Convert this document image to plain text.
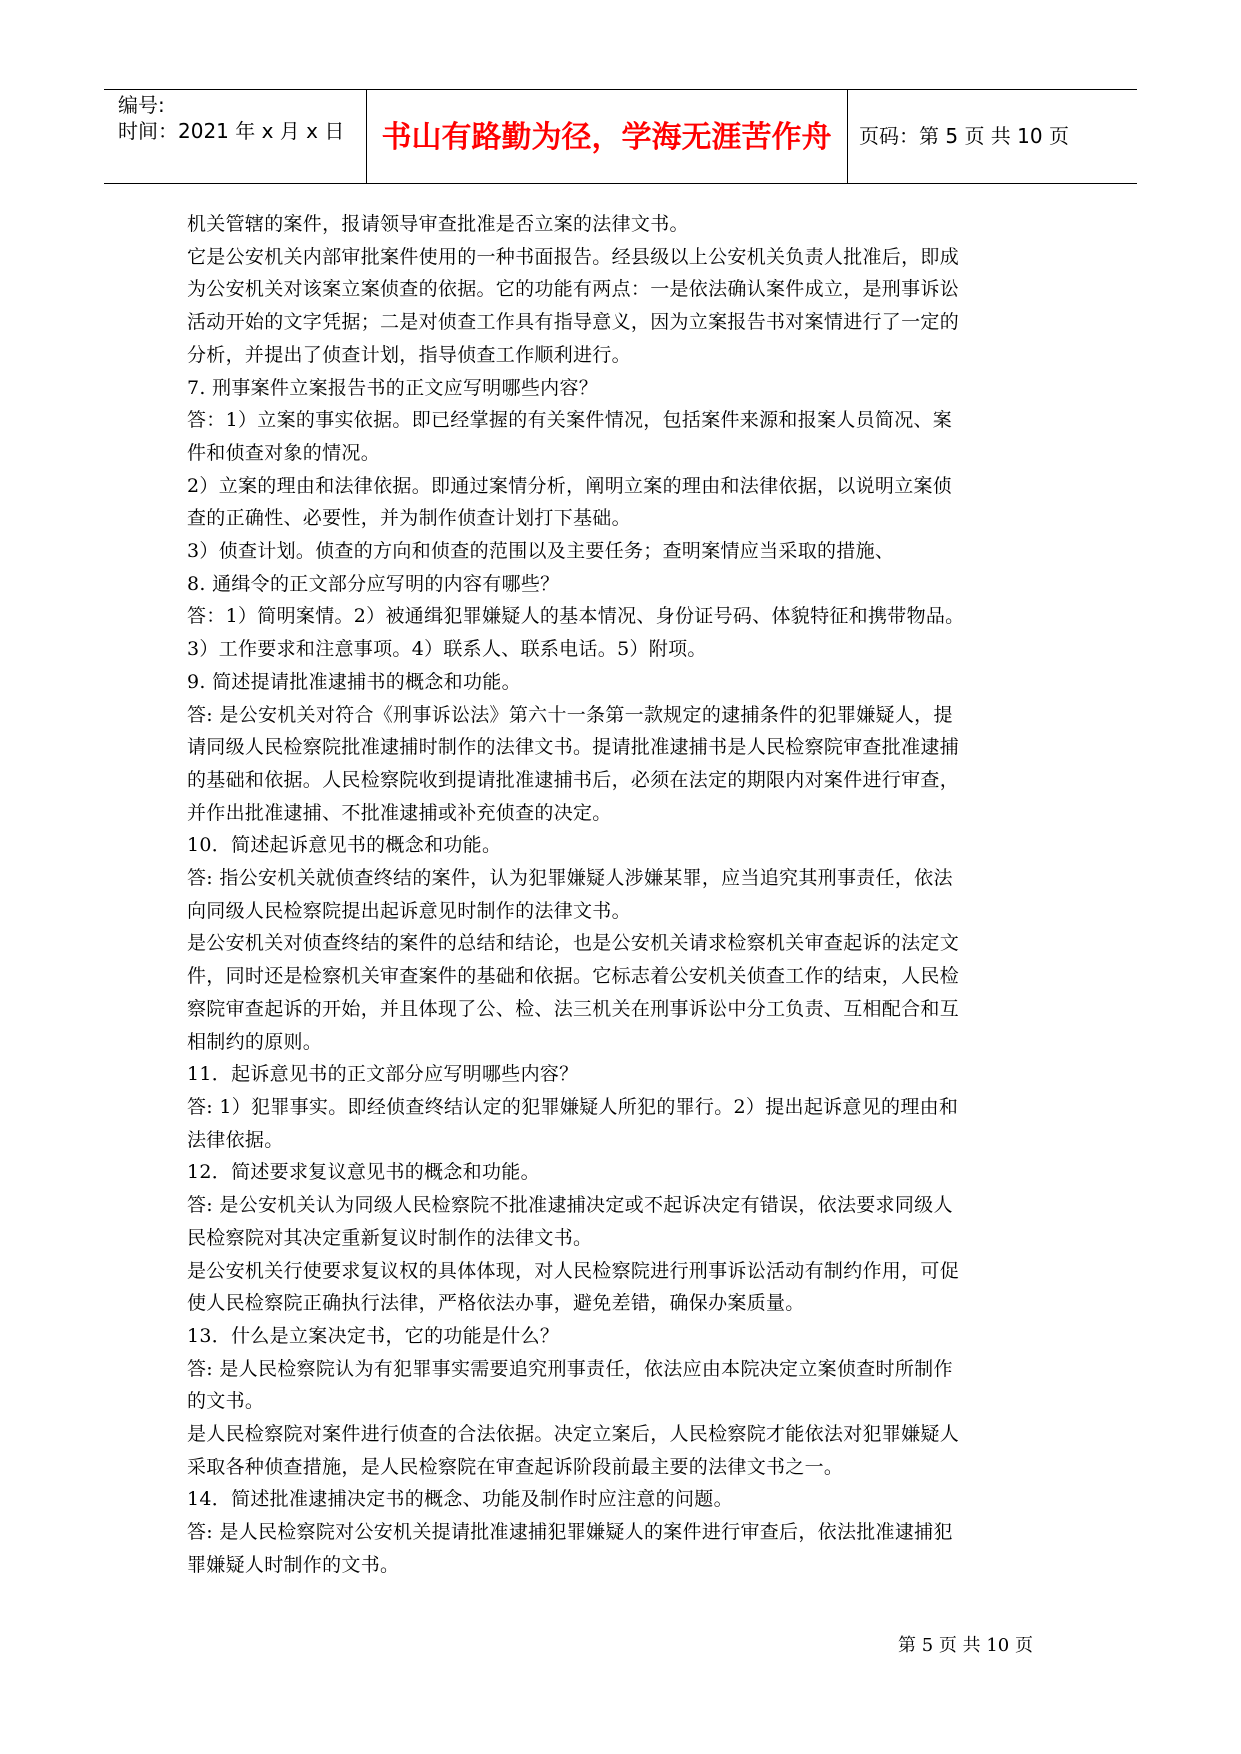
编号:
时间：2021 年 x 月 x 日	书山有路勤为径，学海无涯苦作舟	页码：第 5 页 共 10 页

机关管辖的案件，报请领导审查批准是否立案的法律文书。

它是公安机关内部审批案件使用的一种书面报告。经县级以上公安机关负责人批准后，即成

为公安机关对该案立案侦查的依据。它的功能有两点：一是依法确认案件成立，是刑事诉讼

活动开始的文字凭据；二是对侦查工作具有指导意义，因为立案报告书对案情进行了一定的

分析，并提出了侦查计划，指导侦查工作顺利进行。

7. 刑事案件立案报告书的正文应写明哪些内容？

答：1）立案的事实依据。即已经掌握的有关案件情况，包括案件来源和报案人员简况、案

件和侦查对象的情况。

2）立案的理由和法律依据。即通过案情分析，阐明立案的理由和法律依据，以说明立案侦

查的正确性、必要性，并为制作侦查计划打下基础。

3）侦查计划。侦查的方向和侦查的范围以及主要任务；查明案情应当采取的措施、

8. 通缉令的正文部分应写明的内容有哪些？

答：1）简明案情。2）被通缉犯罪嫌疑人的基本情况、身份证号码、体貌特征和携带物品。

3）工作要求和注意事项。4）联系人、联系电话。5）附项。

9. 简述提请批准逮捕书的概念和功能。

答: 是公安机关对符合《刑事诉讼法》第六十一条第一款规定的逮捕条件的犯罪嫌疑人，提

请同级人民检察院批准逮捕时制作的法律文书。提请批准逮捕书是人民检察院审查批准逮捕

的基础和依据。人民检察院收到提请批准逮捕书后，必须在法定的期限内对案件进行审查，

并作出批准逮捕、不批准逮捕或补充侦查的决定。

10．简述起诉意见书的概念和功能。

答: 指公安机关就侦查终结的案件，认为犯罪嫌疑人涉嫌某罪，应当追究其刑事责任，依法

向同级人民检察院提出起诉意见时制作的法律文书。

是公安机关对侦查终结的案件的总结和结论，也是公安机关请求检察机关审查起诉的法定文

件，同时还是检察机关审查案件的基础和依据。它标志着公安机关侦查工作的结束，人民检

察院审查起诉的开始，并且体现了公、检、法三机关在刑事诉讼中分工负责、互相配合和互

相制约的原则。

11．起诉意见书的正文部分应写明哪些内容？

答: 1）犯罪事实。即经侦查终结认定的犯罪嫌疑人所犯的罪行。2）提出起诉意见的理由和

法律依据。

12．简述要求复议意见书的概念和功能。

答: 是公安机关认为同级人民检察院不批准逮捕决定或不起诉决定有错误，依法要求同级人

民检察院对其决定重新复议时制作的法律文书。

是公安机关行使要求复议权的具体体现，对人民检察院进行刑事诉讼活动有制约作用，可促

使人民检察院正确执行法律，严格依法办事，避免差错，确保办案质量。

13．什么是立案决定书，它的功能是什么？

答: 是人民检察院认为有犯罪事实需要追究刑事责任，依法应由本院决定立案侦查时所制作

的文书。

是人民检察院对案件进行侦查的合法依据。决定立案后，人民检察院才能依法对犯罪嫌疑人

采取各种侦查措施，是人民检察院在审查起诉阶段前最主要的法律文书之一。

14．简述批准逮捕决定书的概念、功能及制作时应注意的问题。

答: 是人民检察院对公安机关提请批准逮捕犯罪嫌疑人的案件进行审查后，依法批准逮捕犯

罪嫌疑人时制作的文书。

第 5 页 共 10 页
